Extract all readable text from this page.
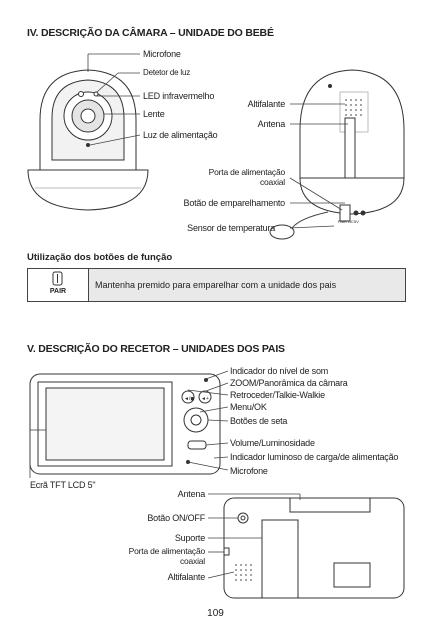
IV. DESCRIÇÃO DA CÂMARA – UNIDADE DO BEBÉ
◄/◼ ◄+
Microfone
Detetor de luz
LED infravermelho
Lente
Luz de alimentação
Altifalante
Antena
Porta de alimentação
coaxial
Botão de emparelhamento
Sensor de temperatura
PAIR DC5V
Utilização dos botões de função
PAIR
Mantenha premido para emparelhar com a unidade dos pais
V. DESCRIÇÃO DO RECETOR – UNIDADES DOS PAIS
Indicador do nível de som
ZOOM/Panorâmica da câmara
Retroceder/Talkie-Walkie
Menu/OK
Botões de seta
Volume/Luminosidade
Indicador luminoso de carga/de alimentação
Microfone
Ecrã TFT LCD 5"
Antena
Botão ON/OFF
Suporte
Porta de alimentação
coaxial
Altifalante
109
